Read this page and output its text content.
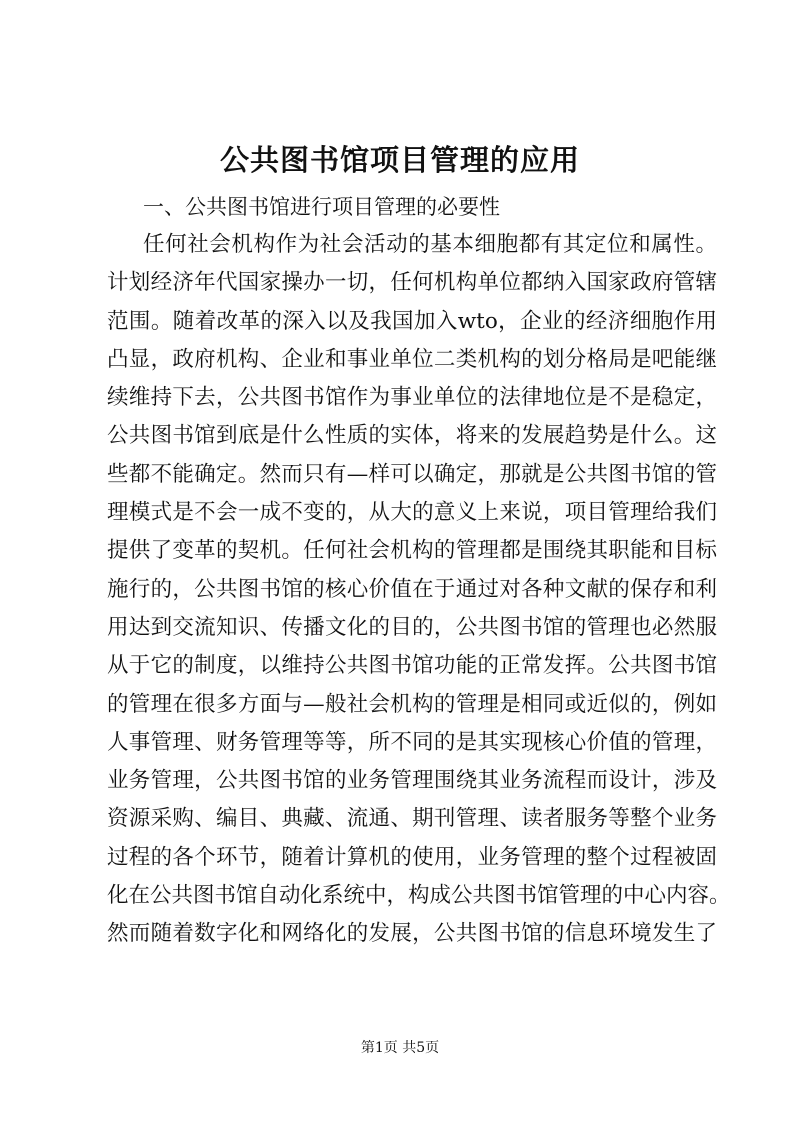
公共图书馆项目管理的应用
一、公共图书馆进行项目管理的必要性
任何社会机构作为社会活动的基本细胞都有其定位和属性。
计划经济年代国家操办一切，任何机构单位都纳入国家政府管辖
范围。随着改革的深入以及我国加入wto，企业的经济细胞作用
凸显，政府机构、企业和事业单位二类机构的划分格局是吧能继
续维持下去，公共图书馆作为事业单位的法律地位是不是稳定，
公共图书馆到底是什么性质的实体，将来的发展趋势是什么。这
些都不能确定。然而只有—样可以确定，那就是公共图书馆的管
理模式是不会一成不变的，从大的意义上来说，项目管理给我们
提供了变革的契机。任何社会机构的管理都是围绕其职能和目标
施行的，公共图书馆的核心价值在于通过对各种文献的保存和利
用达到交流知识、传播文化的目的，公共图书馆的管理也必然服
从于它的制度，以维持公共图书馆功能的正常发挥。公共图书馆
的管理在很多方面与—般社会机构的管理是相同或近似的，例如
人事管理、财务管理等等，所不同的是其实现核心价值的管理，
业务管理，公共图书馆的业务管理围绕其业务流程而设计，涉及
资源采购、编目、典藏、流通、期刊管理、读者服务等整个业务
过程的各个环节，随着计算机的使用，业务管理的整个过程被固
化在公共图书馆自动化系统中，构成公共图书馆管理的中心内容。
然而随着数字化和网络化的发展，公共图书馆的信息环境发生了
第1页 共5页
